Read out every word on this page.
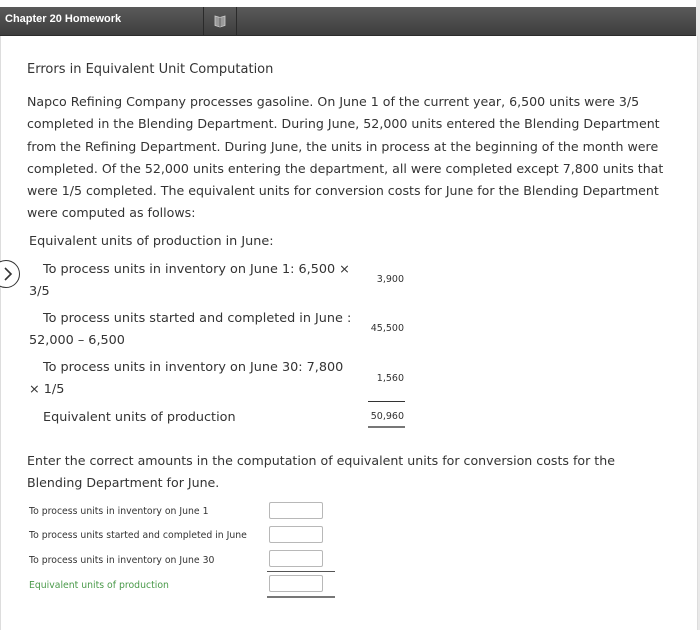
Chapter 20 Homework
Errors in Equivalent Unit Computation
Napco Refining Company processes gasoline. On June 1 of the current year, 6,500 units were 3/5 completed in the Blending Department. During June, 52,000 units entered the Blending Department from the Refining Department. During June, the units in process at the beginning of the month were completed. Of the 52,000 units entering the department, all were completed except 7,800 units that were 1/5 completed. The equivalent units for conversion costs for June for the Blending Department were computed as follows:
Equivalent units of production in June:
To process units in inventory on June 1: 6,500 ×
3/5
3,900
To process units started and completed in June :
52,000 – 6,500
45,500
To process units in inventory on June 30: 7,800
× 1/5
1,560
Equivalent units of production	50,960
Enter the correct amounts in the computation of equivalent units for conversion costs for the Blending Department for June.
To process units in inventory on June 1
To process units started and completed in June
To process units in inventory on June 30
Equivalent units of production
